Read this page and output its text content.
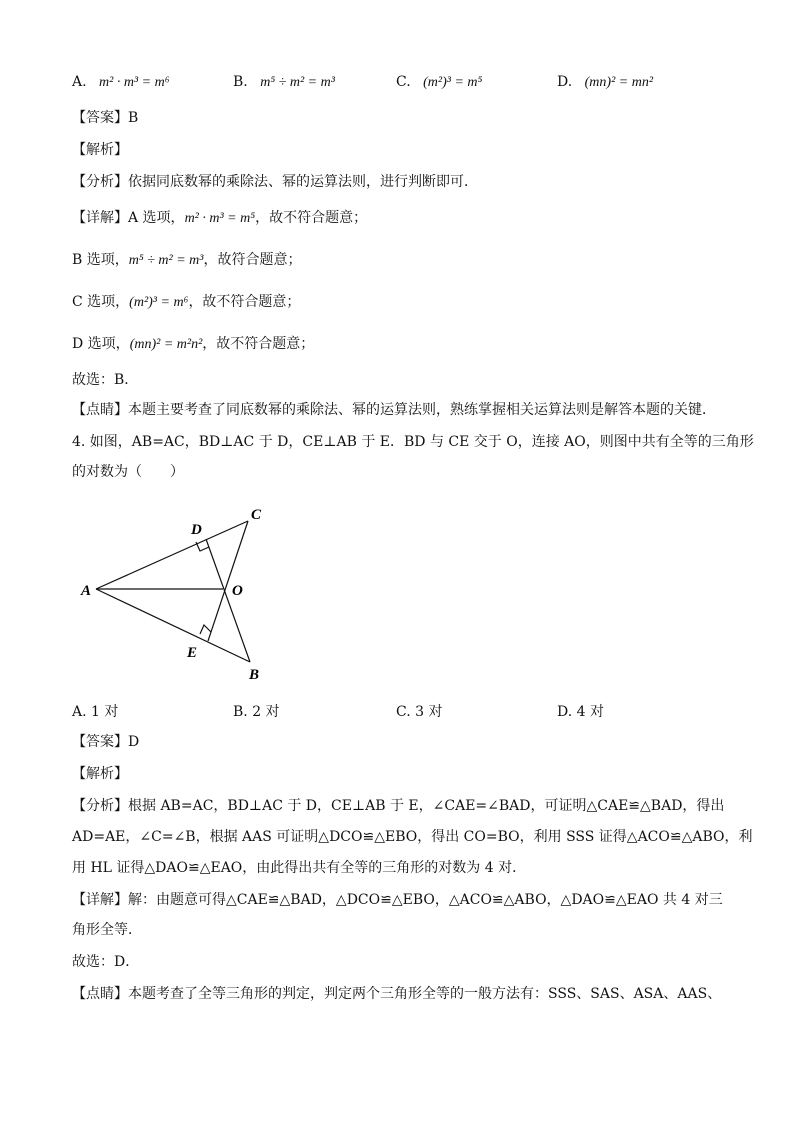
A. m² · m³ = m⁶	B. m⁵ ÷ m² = m³	C. (m²)³ = m⁵	D. (mn)² = mn²
【答案】B
【解析】
【分析】依据同底数幂的乘除法、幂的运算法则，进行判断即可．
【详解】A 选项，m² · m³ = m⁵，故不符合题意；
B 选项，m⁵ ÷ m² = m³，故符合题意；
C 选项，(m²)³ = m⁶，故不符合题意；
D 选项，(mn)² = m²n²，故不符合题意；
故选：B．
【点睛】本题主要考查了同底数幂的乘除法、幂的运算法则，熟练掌握相关运算法则是解答本题的关键．
4. 如图，AB=AC，BD⊥AC 于 D，CE⊥AB 于 E．BD 与 CE 交于 O，连接 AO，则图中共有全等的三角形
的对数为（　　）
C
D
A	O
E
B
A. 1 对	B. 2 对	C. 3 对	D. 4 对
【答案】D
【解析】
【分析】根据 AB=AC，BD⊥AC 于 D，CE⊥AB 于 E，∠CAE=∠BAD，可证明△CAE≌△BAD，得出
AD=AE，∠C=∠B，根据 AAS 可证明△DCO≌△EBO，得出 CO=BO，利用 SSS 证得△ACO≌△ABO，利
用 HL 证得△DAO≌△EAO，由此得出共有全等的三角形的对数为 4 对．
【详解】解：由题意可得△CAE≌△BAD，△DCO≌△EBO，△ACO≌△ABO，△DAO≌△EAO 共 4 对三
角形全等．
故选：D．
【点睛】本题考查了全等三角形的判定，判定两个三角形全等的一般方法有：SSS、SAS、ASA、AAS、
